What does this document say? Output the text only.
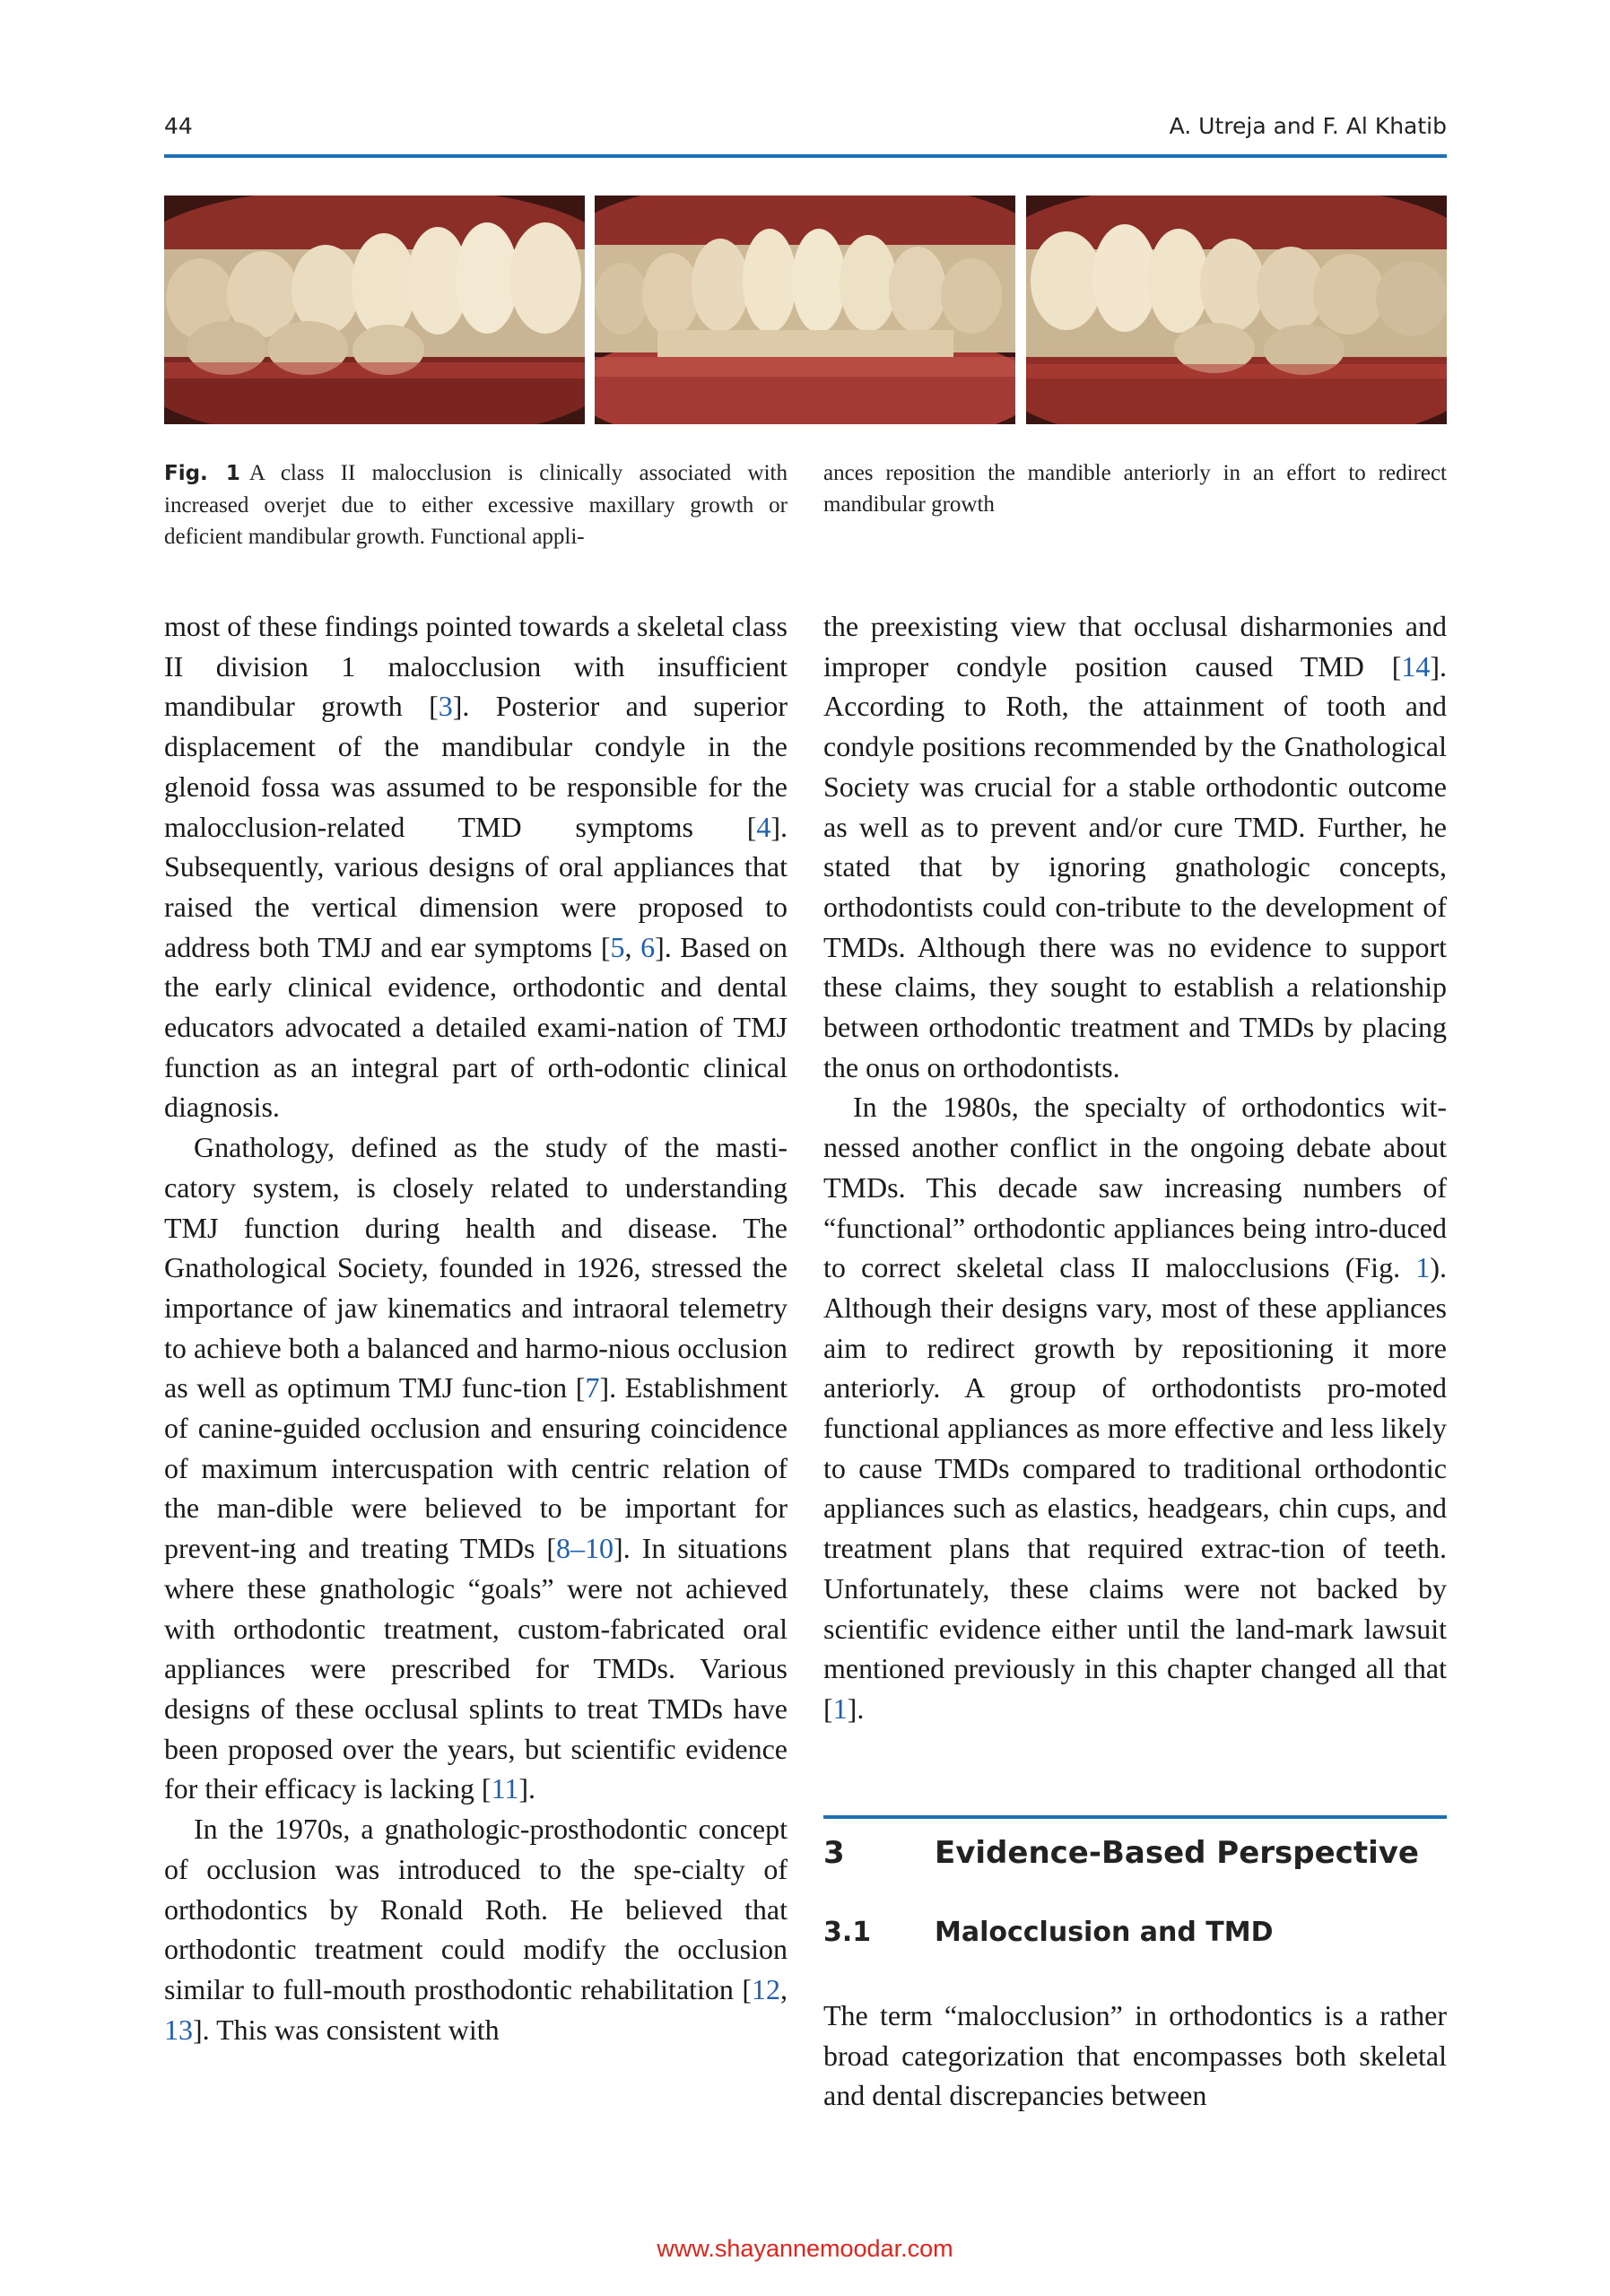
44	A. Utreja and F. Al Khatib
Fig. 1 A class II malocclusion is clinically associated with increased overjet due to either excessive maxillary growth or deficient mandibular growth. Functional appli-
ances reposition the mandible anteriorly in an effort to redirect mandibular growth

most of these findings pointed towards a skeletal class II division 1 malocclusion with insufficient mandibular growth [3]. Posterior and superior displacement of the mandibular condyle in the glenoid fossa was assumed to be responsible for the malocclusion-related TMD symptoms [4]. Subsequently, various designs of oral appliances that raised the vertical dimension were proposed to address both TMJ and ear symptoms [5, 6]. Based on the early clinical evidence, orthodontic and dental educators advocated a detailed exami-nation of TMJ function as an integral part of orth-odontic clinical diagnosis.

Gnathology, defined as the study of the masti-catory system, is closely related to understanding TMJ function during health and disease. The Gnathological Society, founded in 1926, stressed the importance of jaw kinematics and intraoral telemetry to achieve both a balanced and harmo-nious occlusion as well as optimum TMJ func-tion [7]. Establishment of canine-guided occlusion and ensuring coincidence of maximum intercuspation with centric relation of the man-dible were believed to be important for prevent-ing and treating TMDs [8–10]. In situations where these gnathologic “goals” were not achieved with orthodontic treatment, custom-fabricated oral appliances were prescribed for TMDs. Various designs of these occlusal splints to treat TMDs have been proposed over the years, but scientific evidence for their efficacy is lacking [11].

In the 1970s, a gnathologic-prosthodontic concept of occlusion was introduced to the spe-cialty of orthodontics by Ronald Roth. He believed that orthodontic treatment could modify the occlusion similar to full-mouth prosthodontic rehabilitation [12, 13]. This was consistent with

the preexisting view that occlusal disharmonies and improper condyle position caused TMD [14]. According to Roth, the attainment of tooth and condyle positions recommended by the Gnathological Society was crucial for a stable orthodontic outcome as well as to prevent and/or cure TMD. Further, he stated that by ignoring gnathologic concepts, orthodontists could con-tribute to the development of TMDs. Although there was no evidence to support these claims, they sought to establish a relationship between orthodontic treatment and TMDs by placing the onus on orthodontists.

In the 1980s, the specialty of orthodontics wit-nessed another conflict in the ongoing debate about TMDs. This decade saw increasing numbers of “functional” orthodontic appliances being intro-duced to correct skeletal class II malocclusions (Fig. 1). Although their designs vary, most of these appliances aim to redirect growth by repositioning it more anteriorly. A group of orthodontists pro-moted functional appliances as more effective and less likely to cause TMDs compared to traditional orthodontic appliances such as elastics, headgears, chin cups, and treatment plans that required extrac-tion of teeth. Unfortunately, these claims were not backed by scientific evidence either until the land-mark lawsuit mentioned previously in this chapter changed all that [1].

3	Evidence-Based Perspective
3.1 Malocclusion and TMD

The term “malocclusion” in orthodontics is a rather broad categorization that encompasses both skeletal and dental discrepancies between

www.shayannemoodar.com
